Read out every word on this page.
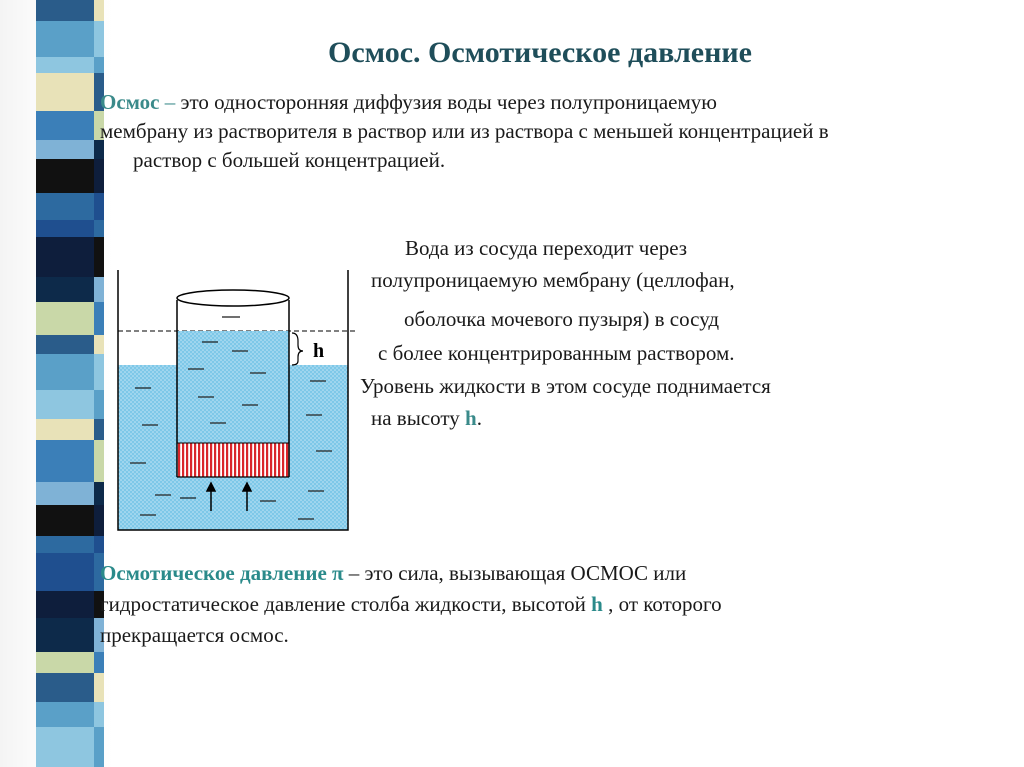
Осмос. Осмотическое давление
Осмос – это односторонняя диффузия воды через полупроницаемую
мембрану из растворителя в раствор или из раствора с меньшей концентрацией в
раствор с большей концентрацией.
h
Вода из сосуда переходит через
полупроницаемую мембрану (целлофан,
оболочка мочевого пузыря) в сосуд
с более концентрированным раствором.
Уровень жидкости в этом сосуде поднимается
на высоту h.
Осмотическое давление π – это сила, вызывающая ОСМОС или
гидростатическое давление столба жидкости, высотой h , от которого
прекращается осмос.
